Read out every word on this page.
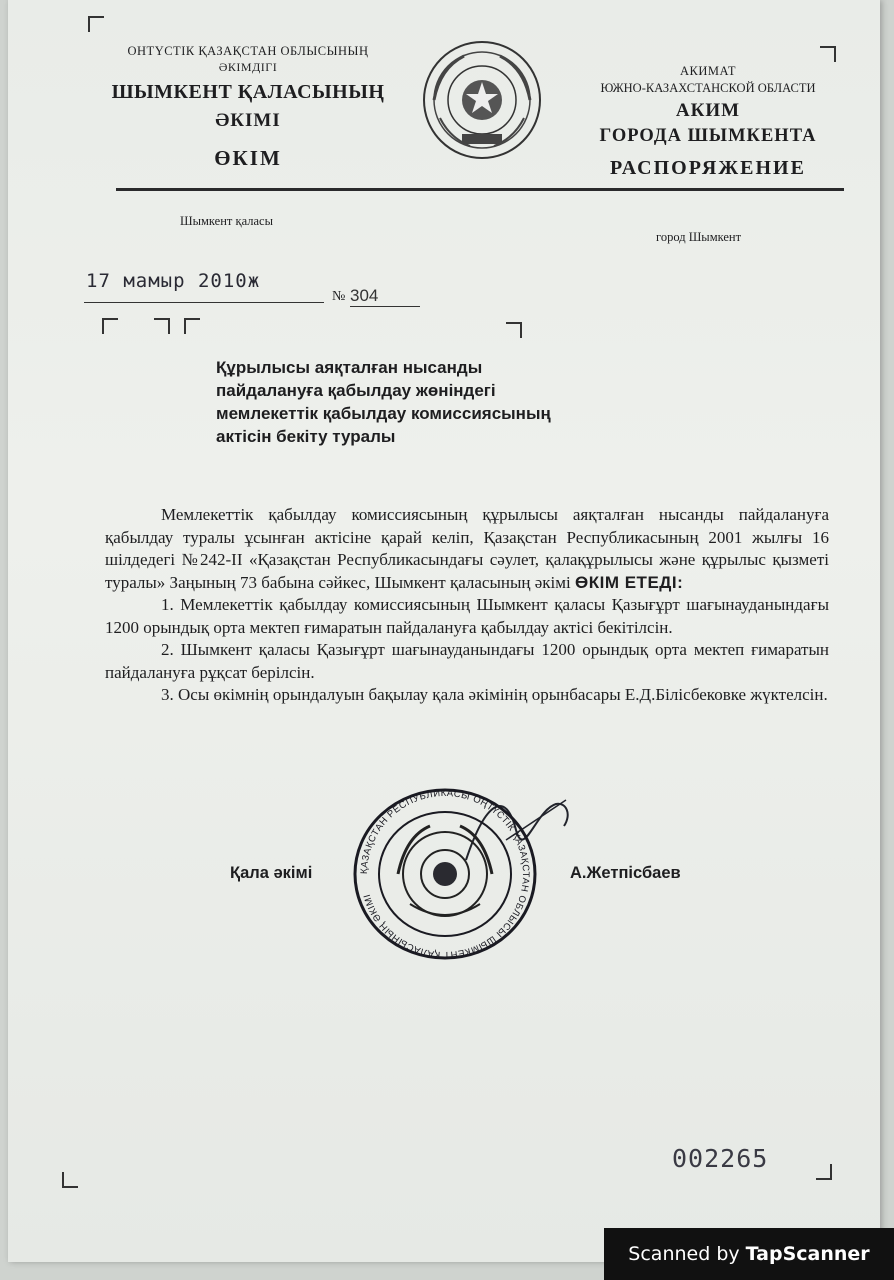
ОНТҮСТІК ҚАЗАҚСТАН ОБЛЫСЫНЫҢ
ӘКІМДІГІ
ШЫМКЕНТ ҚАЛАСЫНЫҢ
ӘКІМІ
ӨКІМ
АКИМАТ
ЮЖНО-КАЗАХСТАНСКОЙ ОБЛАСТИ
АКИМ
ГОРОДА ШЫМКЕНТА
РАСПОРЯЖЕНИЕ
Шымкент қаласы
город Шымкент
17 мамыр 2010ж
№ 304
Құрылысы аяқталған нысанды
пайдалануға қабылдау жөніндегі
мемлекеттік қабылдау комиссиясының
актісін бекіту туралы

Мемлекеттік қабылдау комиссиясының құрылысы аяқталған нысанды пайдалануға қабылдау туралы ұсынған актісіне қарай келіп, Қазақстан Республикасының 2001 жылғы 16 шілдедегі №242-II «Қазақстан Республикасындағы сәулет, қалақұрылысы және құрылыс қызметі туралы» Заңының 73 бабына сәйкес, Шымкент қаласының әкімі ӨКІМ ЕТЕДІ:

1. Мемлекеттік қабылдау комиссиясының Шымкент қаласы Қазығұрт шағынауданындағы 1200 орындық орта мектеп ғимаратын пайдалануға қабылдау актісі бекітілсін.

2. Шымкент қаласы Қазығұрт шағынауданындағы 1200 орындық орта мектеп ғимаратын пайдалануға рұқсат берілсін.

3. Осы өкімнің орындалуын бақылау қала әкімінің орынбасары Е.Д.Білісбековке жүктелсін.

Қала әкімі	А.Жетпісбаев
ҚАЗАҚСТАН РЕСПУБЛИКАСЫ ОҢТҮСТІК ҚАЗАҚСТАН ОБЛЫСЫ ШЫМКЕНТ ҚАЛАСЫНЫҢ ӘКІМІ
002265
Scanned by TapScanner
